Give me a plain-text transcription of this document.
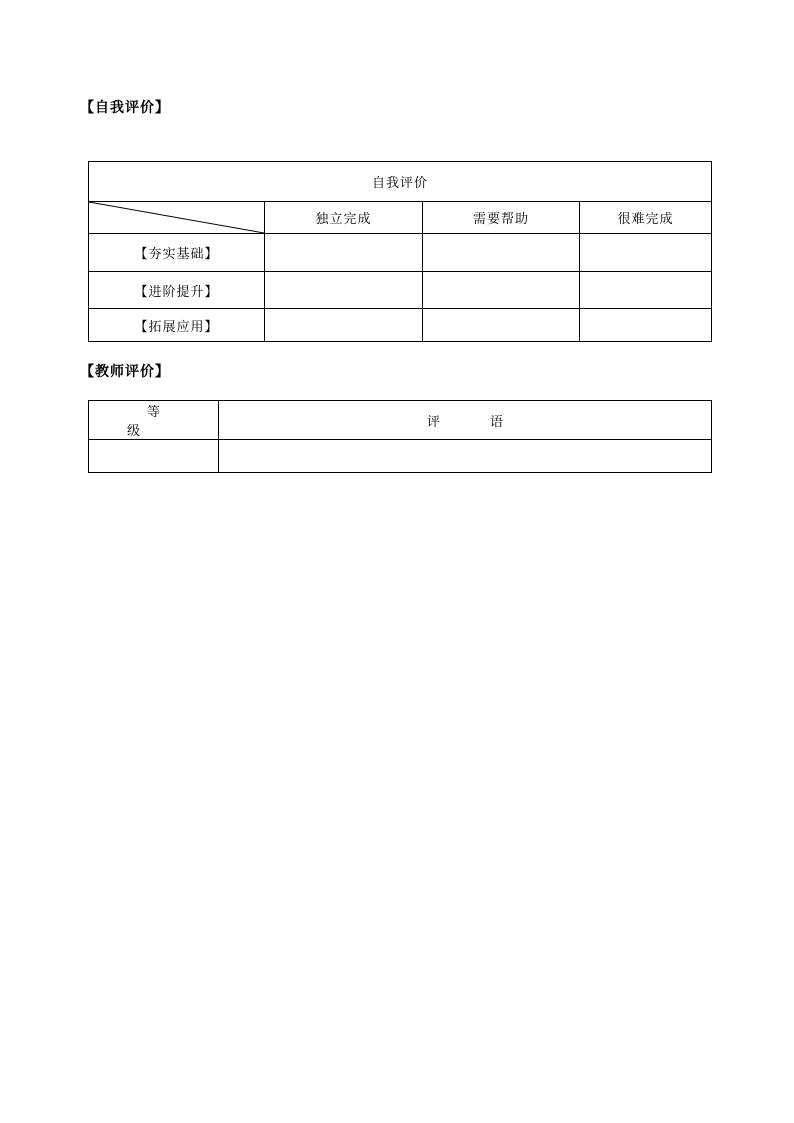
【自我评价】
自我评价			

	独立完成	需要帮助	很难完成
【夯实基础】			
【进阶提升】			
【拓展应用】			
【教师评价】
等级	评语
